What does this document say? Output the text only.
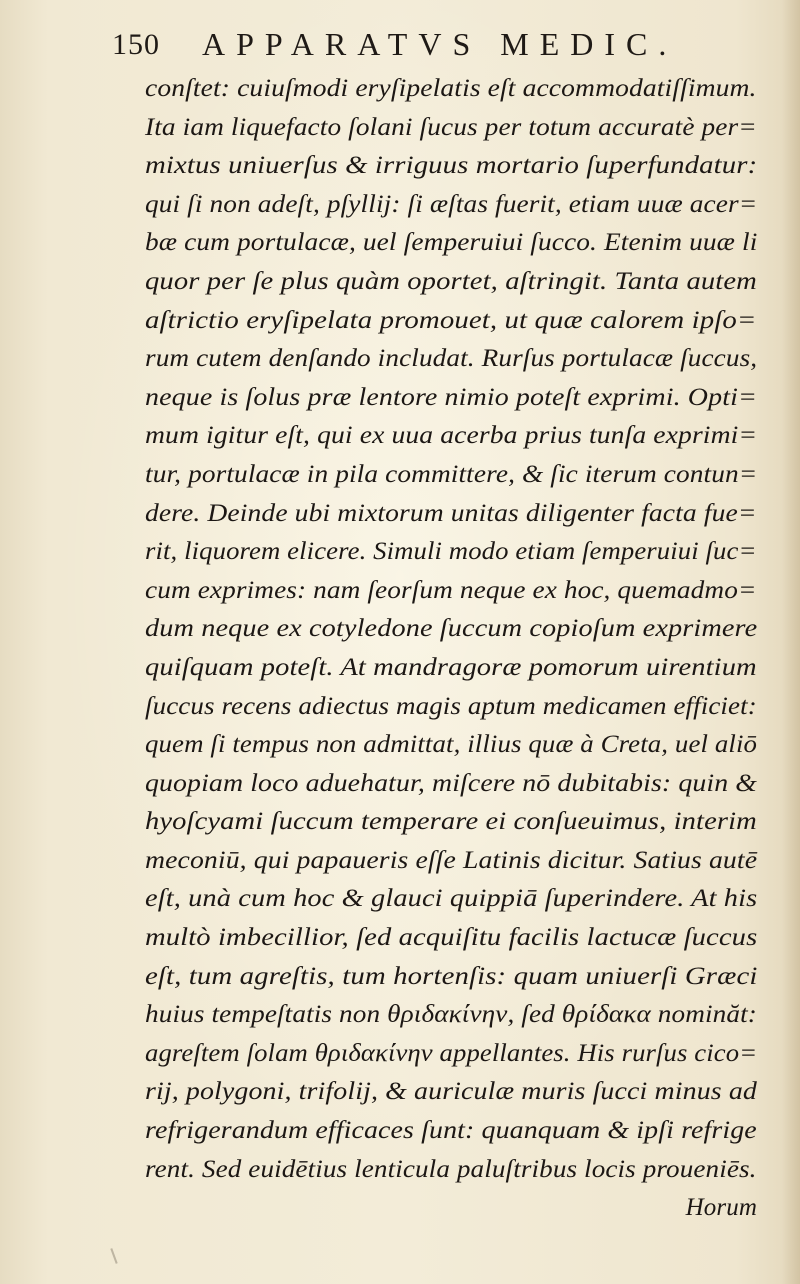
150 APPARATVS MEDIC.
conſtet: cuiuſmodi eryſipelatis eſt accommodatiſſimum.
Ita iam liquefacto ſolani ſucus per totum accuratè per=
mixtus uniuerſus & irriguus mortario ſuperfundatur:
qui ſi non adeſt, pſyllij: ſi æſtas fuerit, etiam uuæ acer=
bæ cum portulacæ, uel ſemperuiui ſucco. Etenim uuæ li
quor per ſe plus quàm oportet, aſtringit. Tanta autem
aſtrictio eryſipelata promouet, ut quæ calorem ipſo=
rum cutem denſando includat. Rurſus portulacæ ſuccus,
neque is ſolus præ lentore nimio poteſt exprimi. Opti=
mum igitur eſt, qui ex uua acerba prius tunſa exprimi=
tur, portulacæ in pila committere, & ſic iterum contun=
dere. Deinde ubi mixtorum unitas diligenter facta fue=
rit, liquorem elicere. Simuli modo etiam ſemperuiui ſuc=
cum exprimes: nam ſeorſum neque ex hoc, quemadmo=
dum neque ex cotyledone ſuccum copioſum exprimere
quiſquam poteſt. At mandragoræ pomorum uirentium
ſuccus recens adiectus magis aptum medicamen efficiet:
quem ſi tempus non admittat, illius quæ à Creta, uel aliō
quopiam loco aduehatur, miſcere nō dubitabis: quin &
hyoſcyami ſuccum temperare ei conſueuimus, interim
meconiū, qui papaueris eſſe Latinis dicitur. Satius autē
eſt, unà cum hoc & glauci quippiā ſuperindere. At his
multò imbecillior, ſed acquiſitu facilis lactucæ ſuccus
eſt, tum agreſtis, tum hortenſis: quam uniuerſi Græci
huius tempeſtatis non θριδακίνην, ſed θρίδακα nominăt:
agreſtem ſolam θριδακίνην appellantes. His rurſus cico=
rij, polygoni, trifolij, & auriculæ muris ſucci minus ad
refrigerandum efficaces ſunt: quanquam & ipſi refrige
rent. Sed euidētius lenticula paluſtribus locis proueniēs.
Horum
